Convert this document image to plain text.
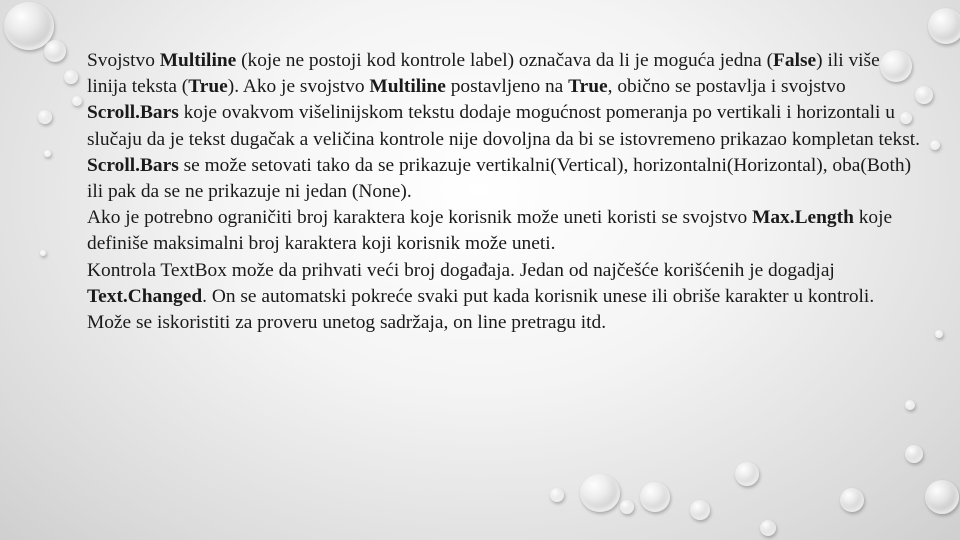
Svojstvo Multiline (koje ne postoji kod kontrole label) označava da li je moguća jedna (False) ili više linija teksta (True). Ako je svojstvo Multiline postavljeno na True, obično se postavlja i svojstvo Scroll.Bars koje ovakvom višelinijskom tekstu dodaje mogućnost pomeranja po vertikali i horizontali u slučaju da je tekst dugačak a veličina kontrole nije dovoljna da bi se istovremeno prikazao kompletan tekst.

Scroll.Bars se može setovati tako da se prikazuje vertikalni(Vertical), horizontalni(Horizontal), oba(Both) ili pak da se ne prikazuje ni jedan (None).

Ako je potrebno ograničiti broj karaktera koje korisnik može uneti koristi se svojstvo Max.Length koje definiše maksimalni broj karaktera koji korisnik može uneti.

Kontrola TextBox može da prihvati veći broj događaja. Jedan od najčešće korišćenih je dogadjaj Text.Changed. On se automatski pokreće svaki put kada korisnik unese ili obriše karakter u kontroli. Može se iskoristiti za proveru unetog sadržaja, on line pretragu itd.
